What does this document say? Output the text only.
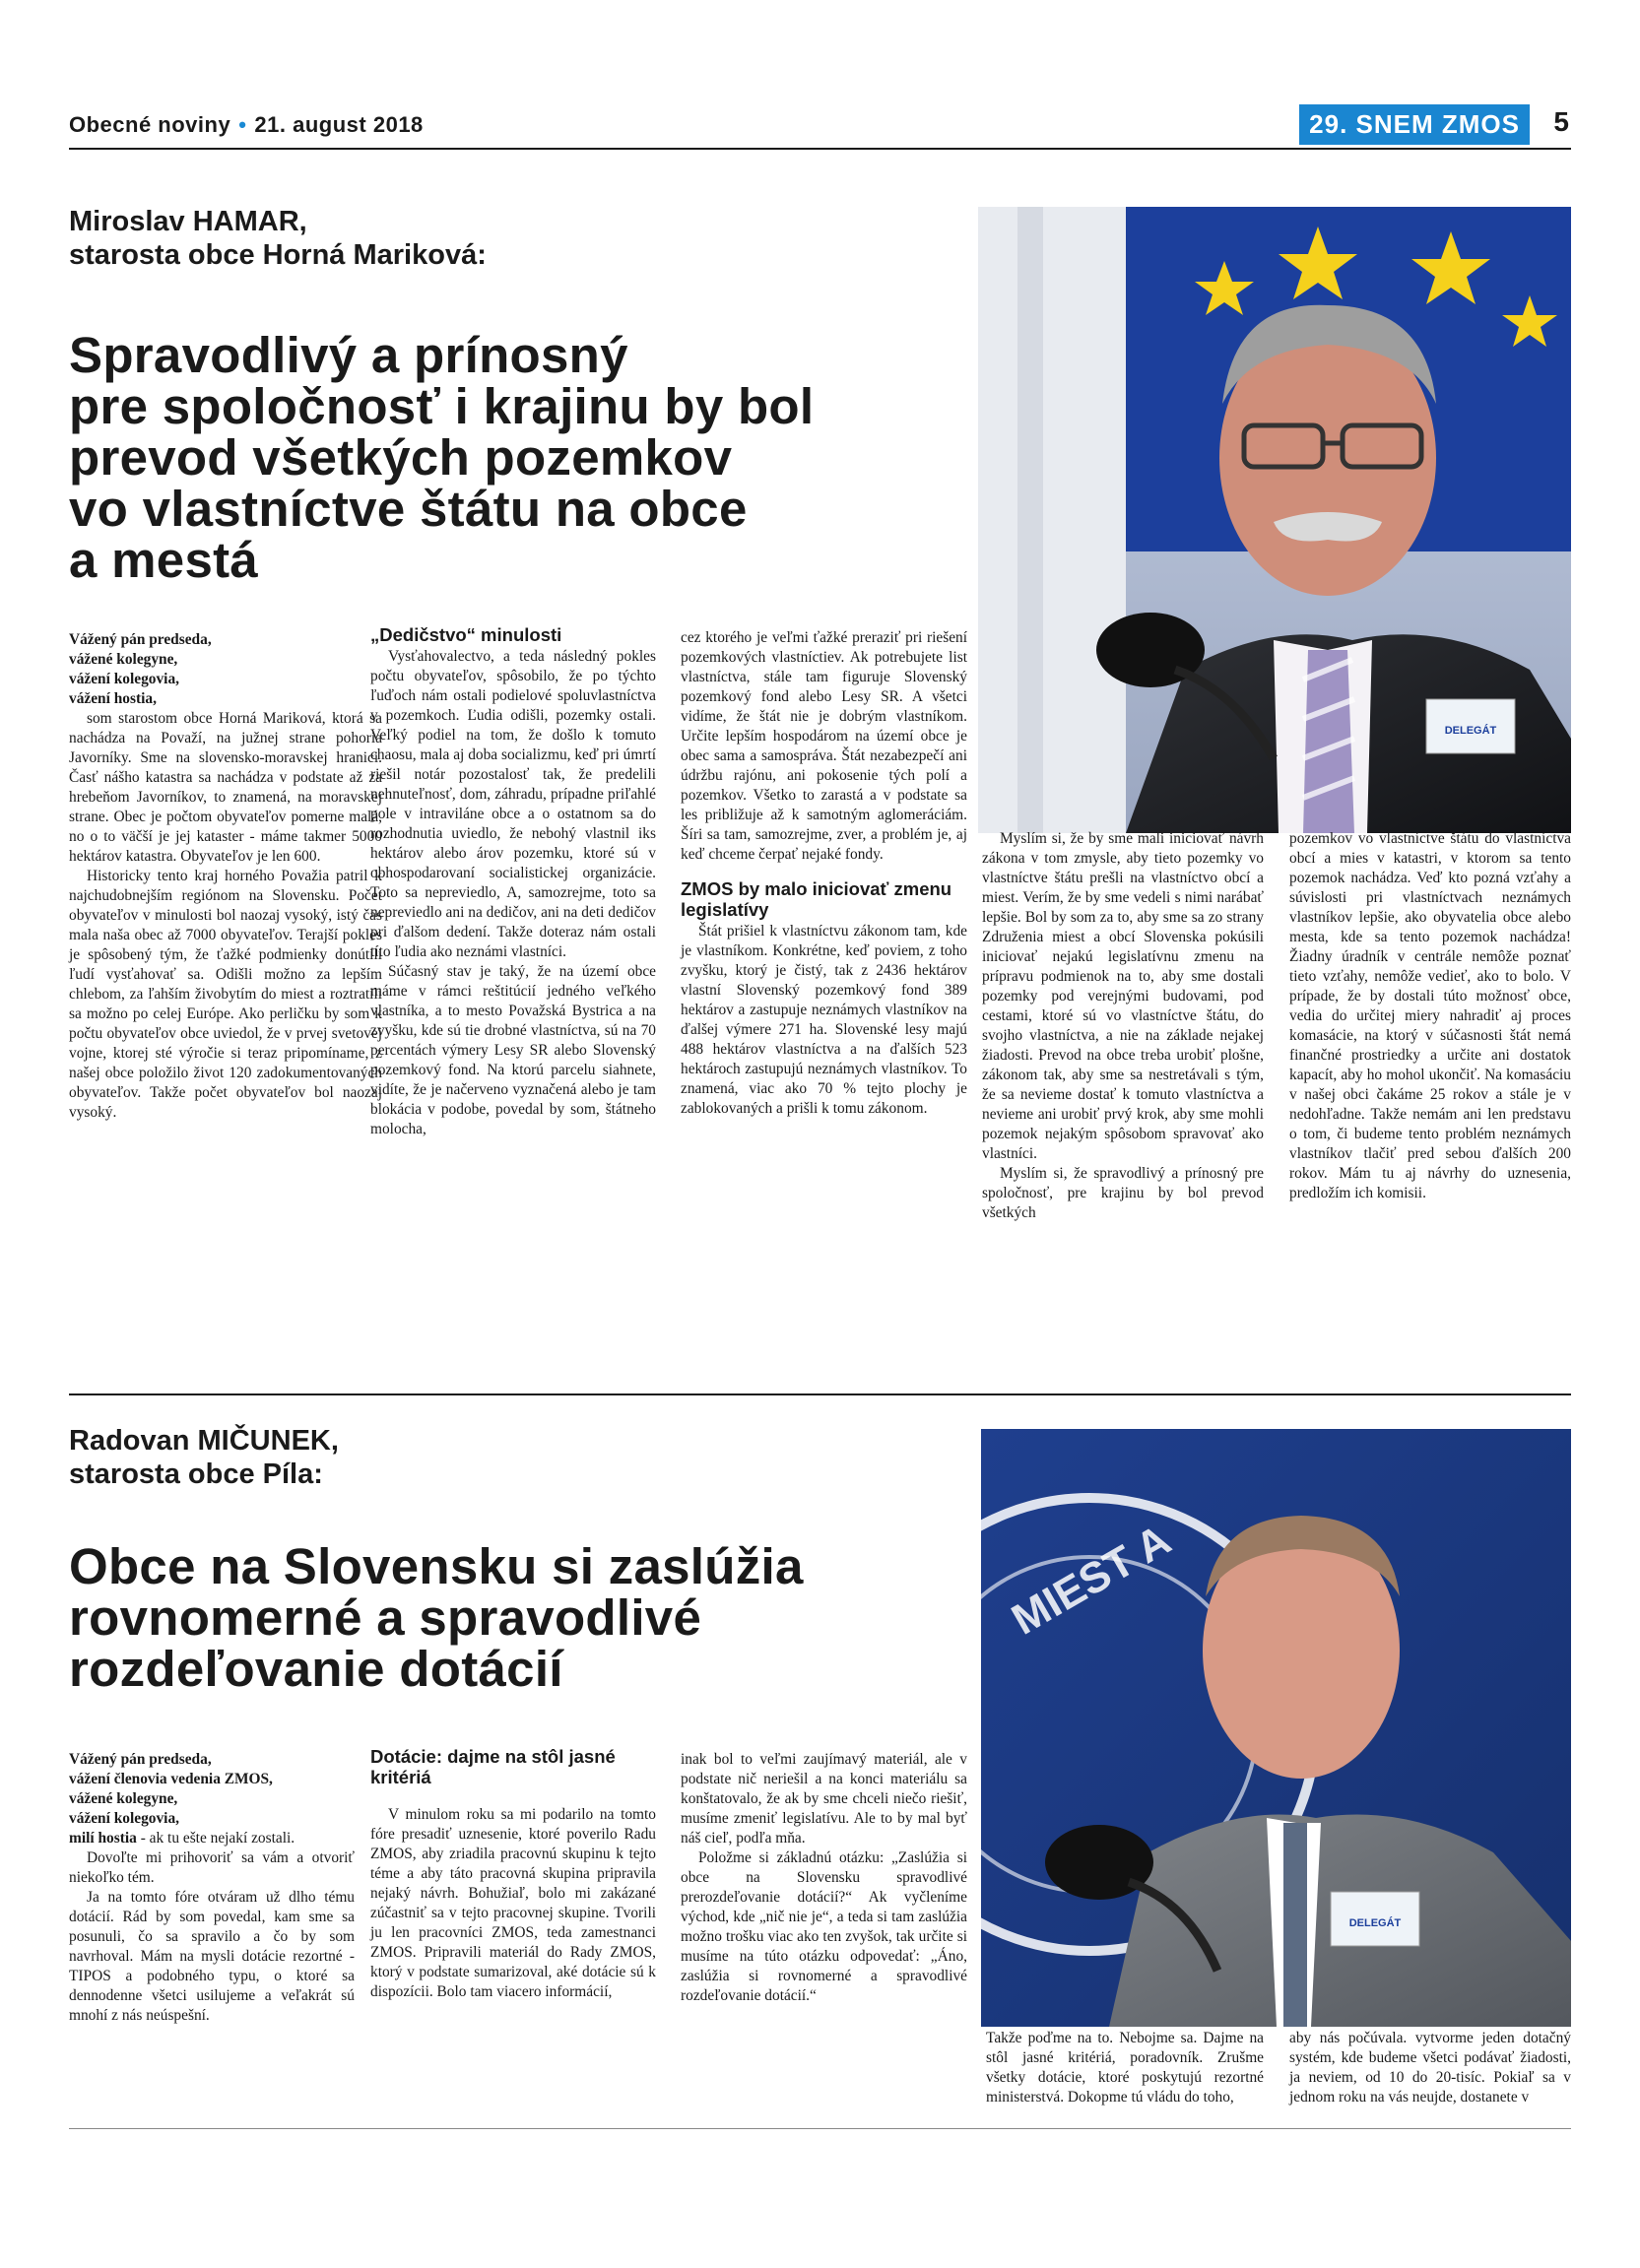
Obecné noviny • 21. august 2018	29. SNEM ZMOS	5
Miroslav HAMAR,
starosta obce Horná Mariková:
Spravodlivý a prínosný
pre spoločnosť i krajinu by bol
prevod všetkých pozemkov
vo vlastníctve štátu na obce
a mestá
DELEGÁT
Vážený pán predseda,
vážené kolegyne,
vážení kolegovia,
vážení hostia,

som starostom obce Horná Mariková, ktorá sa nachádza na Považí, na južnej strane pohoria Javorníky. Sme na slovensko-moravskej hranici. Časť nášho katastra sa nachádza v podstate až za hrebeňom Javorníkov, to znamená, na moravskej strane. Obec je počtom obyvateľov pomerne malá, no o to väčší je jej kataster - máme takmer 5000 hektárov katastra. Obyvateľov je len 600.

Historicky tento kraj horného Považia patril k najchudobnejším regiónom na Slovensku. Počet obyvateľov v minulosti bol naozaj vysoký, istý čas mala naša obec až 7000 obyvateľov. Terajší pokles je spôsobený tým, že ťažké podmienky donútili ľudí vysťahovať sa. Odišli možno za lepším chlebom, za ľahším živobytím do miest a roztratili sa možno po celej Európe. Ako perličku by som k počtu obyvateľov obce uviedol, že v prvej svetovej vojne, ktorej sté výročie si teraz pripomíname, z našej obce položilo život 120 zadokumentovaných obyvateľov. Takže počet obyvateľov bol naozaj vysoký.

„Dedičstvo“ minulosti

Vysťahovalectvo, a teda následný pokles počtu obyvateľov, spôsobilo, že po týchto ľuďoch nám ostali podielové spoluvlastníctva v pozemkoch. Ľudia odišli, pozemky ostali. Veľký podiel na tom, že došlo k tomuto chaosu, mala aj doba socializmu, keď pri úmrtí riešil notár pozostalosť tak, že predelili nehnuteľnosť, dom, záhradu, prípadne priľahlé pole v intraviláne obce a o ostatnom sa do rozhodnutia uviedlo, že nebohý vlastnil iks hektárov alebo árov pozemku, ktoré sú v obhospodarovaní socialistickej organizácie. Toto sa nepreviedlo, A, samozrejme, toto sa nepreviedlo ani na dedičov, ani na deti dedičov pri ďalšom dedení. Takže doteraz nám ostali títo ľudia ako neznámi vlastníci.

Súčasný stav je taký, že na území obce máme v rámci reštitúcií jedného veľkého vlastníka, a to mesto Považská Bystrica a na zvyšku, kde sú tie drobné vlastníctva, sú na 70 percentách výmery Lesy SR alebo Slovenský pozemkový fond. Na ktorú parcelu siahnete, vidíte, že je načerveno vyznačená alebo je tam blokácia v podobe, povedal by som, štátneho molocha,

cez ktorého je veľmi ťažké preraziť pri riešení pozemkových vlastníctiev. Ak potrebujete list vlastníctva, stále tam figuruje Slovenský pozemkový fond alebo Lesy SR. A všetci vidíme, že štát nie je dobrým vlastníkom. Určite lepším hospodárom na území obce je obec sama a samospráva. Štát nezabezpečí ani údržbu rajónu, ani pokosenie tých polí a pozemkov. Všetko to zarastá a v podstate sa les približuje až k samotným aglomeráciám. Šíri sa tam, samozrejme, zver, a problém je, aj keď chceme čerpať nejaké fondy.

ZMOS by malo iniciovať zmenu legislatívy

Štát prišiel k vlastníctvu zákonom tam, kde je vlastníkom. Konkrétne, keď poviem, z toho zvyšku, ktorý je čistý, tak z 2436 hektárov vlastní Slovenský pozemkový fond 389 hektárov a zastupuje neznámych vlastníkov na ďalšej výmere 271 ha. Slovenské lesy majú 488 hektárov vlastníctva a na ďalších 523 hektároch zastupujú neznámych vlastníkov. To znamená, viac ako 70 % tejto plochy je zablokovaných a prišli k tomu zákonom.

Myslím si, že by sme mali iniciovať návrh zákona v tom zmysle, aby tieto pozemky vo vlastníctve štátu prešli na vlastníctvo obcí a miest. Verím, že by sme vedeli s nimi narábať lepšie. Bol by som za to, aby sme sa zo strany Združenia miest a obcí Slovenska pokúsili iniciovať nejakú legislatívnu zmenu na prípravu podmienok na to, aby sme dostali pozemky pod verejnými budovami, pod cestami, ktoré sú vo vlastníctve štátu, do svojho vlastníctva, a nie na základe nejakej žiadosti. Prevod na obce treba urobiť plošne, zákonom tak, aby sme sa nestretávali s tým, že sa nevieme dostať k tomuto vlastníctva a nevieme ani urobiť prvý krok, aby sme mohli pozemok nejakým spôsobom spravovať ako vlastníci.

Myslím si, že spravodlivý a prínosný pre spoločnosť, pre krajinu by bol prevod všetkých

pozemkov vo vlastníctve štátu do vlastníctva obcí a mies v katastri, v ktorom sa tento pozemok nachádza. Veď kto pozná vzťahy a súvislosti pri vlastníctvach neznámych vlastníkov lepšie, ako obyvatelia obce alebo mesta, kde sa tento pozemok nachádza! Žiadny úradník v centrále nemôže poznať tieto vzťahy, nemôže vedieť, ako to bolo. V prípade, že by dostali túto možnosť obce, vedia do určitej miery nahradiť aj proces komasácie, na ktorý v súčasnosti štát nemá finančné prostriedky a určite ani dostatok kapacít, aby ho mohol ukončiť. Na komasáciu v našej obci čakáme 25 rokov a stále je v nedohľadne. Takže nemám ani len predstavu o tom, či budeme tento problém neznámych vlastníkov tlačiť pred sebou ďalších 200 rokov. Mám tu aj návrhy do uznesenia, predložím ich komisii.

Radovan MIČUNEK,
starosta obce Píla:
Obce na Slovensku si zaslúžia
rovnomerné a spravodlivé
rozdeľovanie dotácií
MIEST A
DELEGÁT
Vážený pán predseda,
vážení členovia vedenia ZMOS,
vážené kolegyne,
vážení kolegovia,

milí hostia - ak tu ešte nejakí zostali.

Dovoľte mi prihovoriť sa vám a otvoriť niekoľko tém.

Ja na tomto fóre otváram už dlho tému dotácií. Rád by som povedal, kam sme sa posunuli, čo sa spravilo a čo by som navrhoval. Mám na mysli dotácie rezortné - TIPOS a podobného typu, o ktoré sa dennodenne všetci usilujeme a veľakrát sú mnohí z nás neúspešní.

Dotácie: dajme na stôl jasné kritériá

V minulom roku sa mi podarilo na tomto fóre presadiť uznesenie, ktoré poverilo Radu ZMOS, aby zriadila pracovnú skupinu k tejto téme a aby táto pracovná skupina pripravila nejaký návrh. Bohužiaľ, bolo mi zakázané zúčastniť sa v tejto pracovnej skupine. Tvorili ju len pracovníci ZMOS, teda zamestnanci ZMOS. Pripravili materiál do Rady ZMOS, ktorý v podstate sumarizoval, aké dotácie sú k dispozícii. Bolo tam viacero informácií,

inak bol to veľmi zaujímavý materiál, ale v podstate nič neriešil a na konci materiálu sa konštatovalo, že ak by sme chceli niečo riešiť, musíme zmeniť legislatívu. Ale to by mal byť náš cieľ, podľa mňa.

Položme si základnú otázku: „Zaslúžia si obce na Slovensku spravodlivé prerozdeľovanie dotácií?“ Ak vyčleníme východ, kde „nič nie je“, a teda si tam zaslúžia možno trošku viac ako ten zvyšok, tak určite si musíme na túto otázku odpovedať: „Áno, zaslúžia si rovnomerné a spravodlivé rozdeľovanie dotácií.“

Takže poďme na to. Nebojme sa. Dajme na stôl jasné kritériá, poradovník. Zrušme všetky dotácie, ktoré poskytujú rezortné ministerstvá. Dokopme tú vládu do toho,

aby nás počúvala. vytvorme jeden dotačný systém, kde budeme všetci podávať žiadosti, ja neviem, od 10 do 20-tisíc. Pokiaľ sa v jednom roku na vás neujde, dostanete v
